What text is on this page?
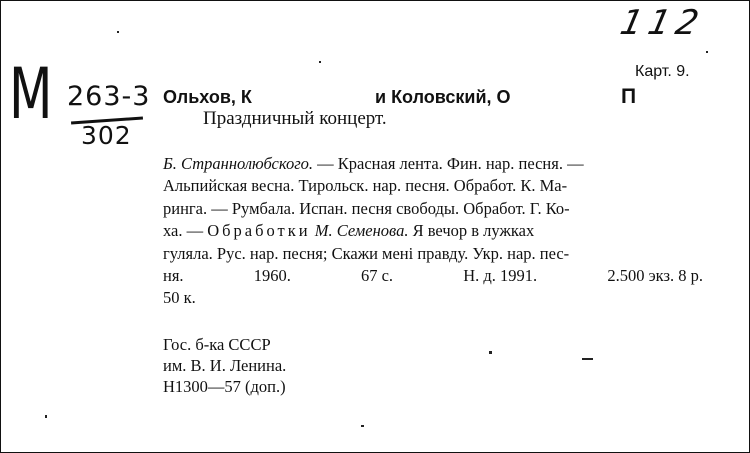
112
М 263-3
302
Карт. 9.
Ольхов, К	и Коловский, О	П
Праздничный концерт.
Б. Страннолюбского. — Красная лента. Фин. нар. песня. —
Альпийская весна. Тирольск. нар. песня. Обработ. К. Ма-
ринга. — Румбала. Испан. песня свободы. Обработ. Г. Ко-
ха. — Обработки М. Семенова. Я вечор в лужках
гуляла. Рус. нар. песня; Скажи менi правду. Укр. нар. пес-
ня.	1960.	67 с.	Н. д. 1991.	2.500 экз. 8 р.
50 к.
Гос. б-ка СССР
им. В. И. Ленина.
Н1300—57 (доп.)
